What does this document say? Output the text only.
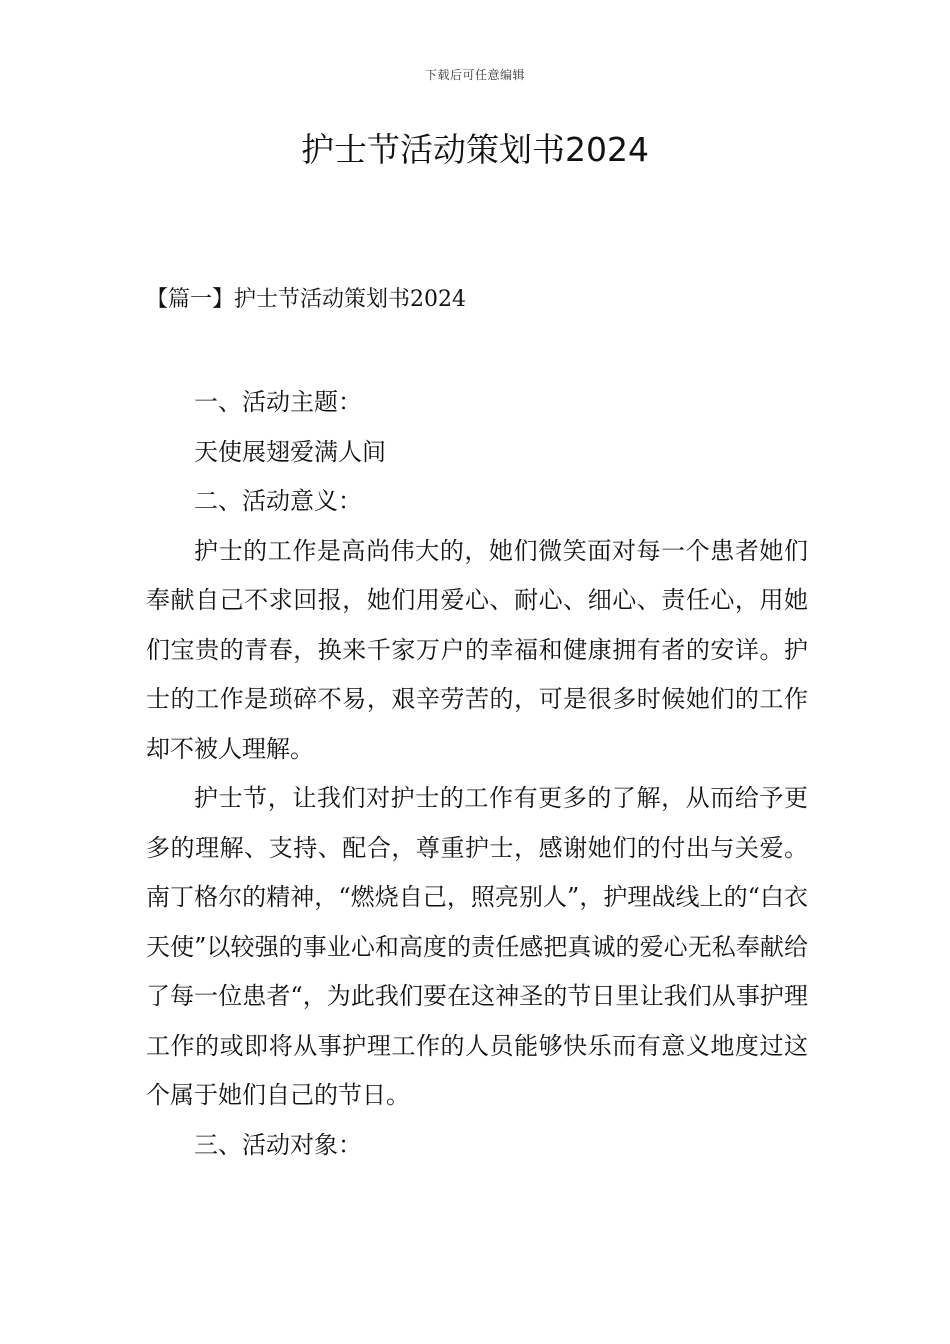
下载后可任意编辑
护士节活动策划书2024
【篇一】护士节活动策划书2024

一、活动主题：

天使展翅爱满人间

二、活动意义：

护士的工作是高尚伟大的，她们微笑面对每一个患者她们奉献自己不求回报，她们用爱心、耐心、细心、责任心，用她们宝贵的青春，换来千家万户的幸福和健康拥有者的安详。护士的工作是琐碎不易，艰辛劳苦的，可是很多时候她们的工作却不被人理解。

护士节，让我们对护士的工作有更多的了解，从而给予更多的理解、支持、配合，尊重护士，感谢她们的付出与关爱。南丁格尔的精神，“燃烧自己，照亮别人”，护理战线上的“白衣天使”以较强的事业心和高度的责任感把真诚的爱心无私奉献给了每一位患者“，为此我们要在这神圣的节日里让我们从事护理工作的或即将从事护理工作的人员能够快乐而有意义地度过这个属于她们自己的节日。

三、活动对象：
